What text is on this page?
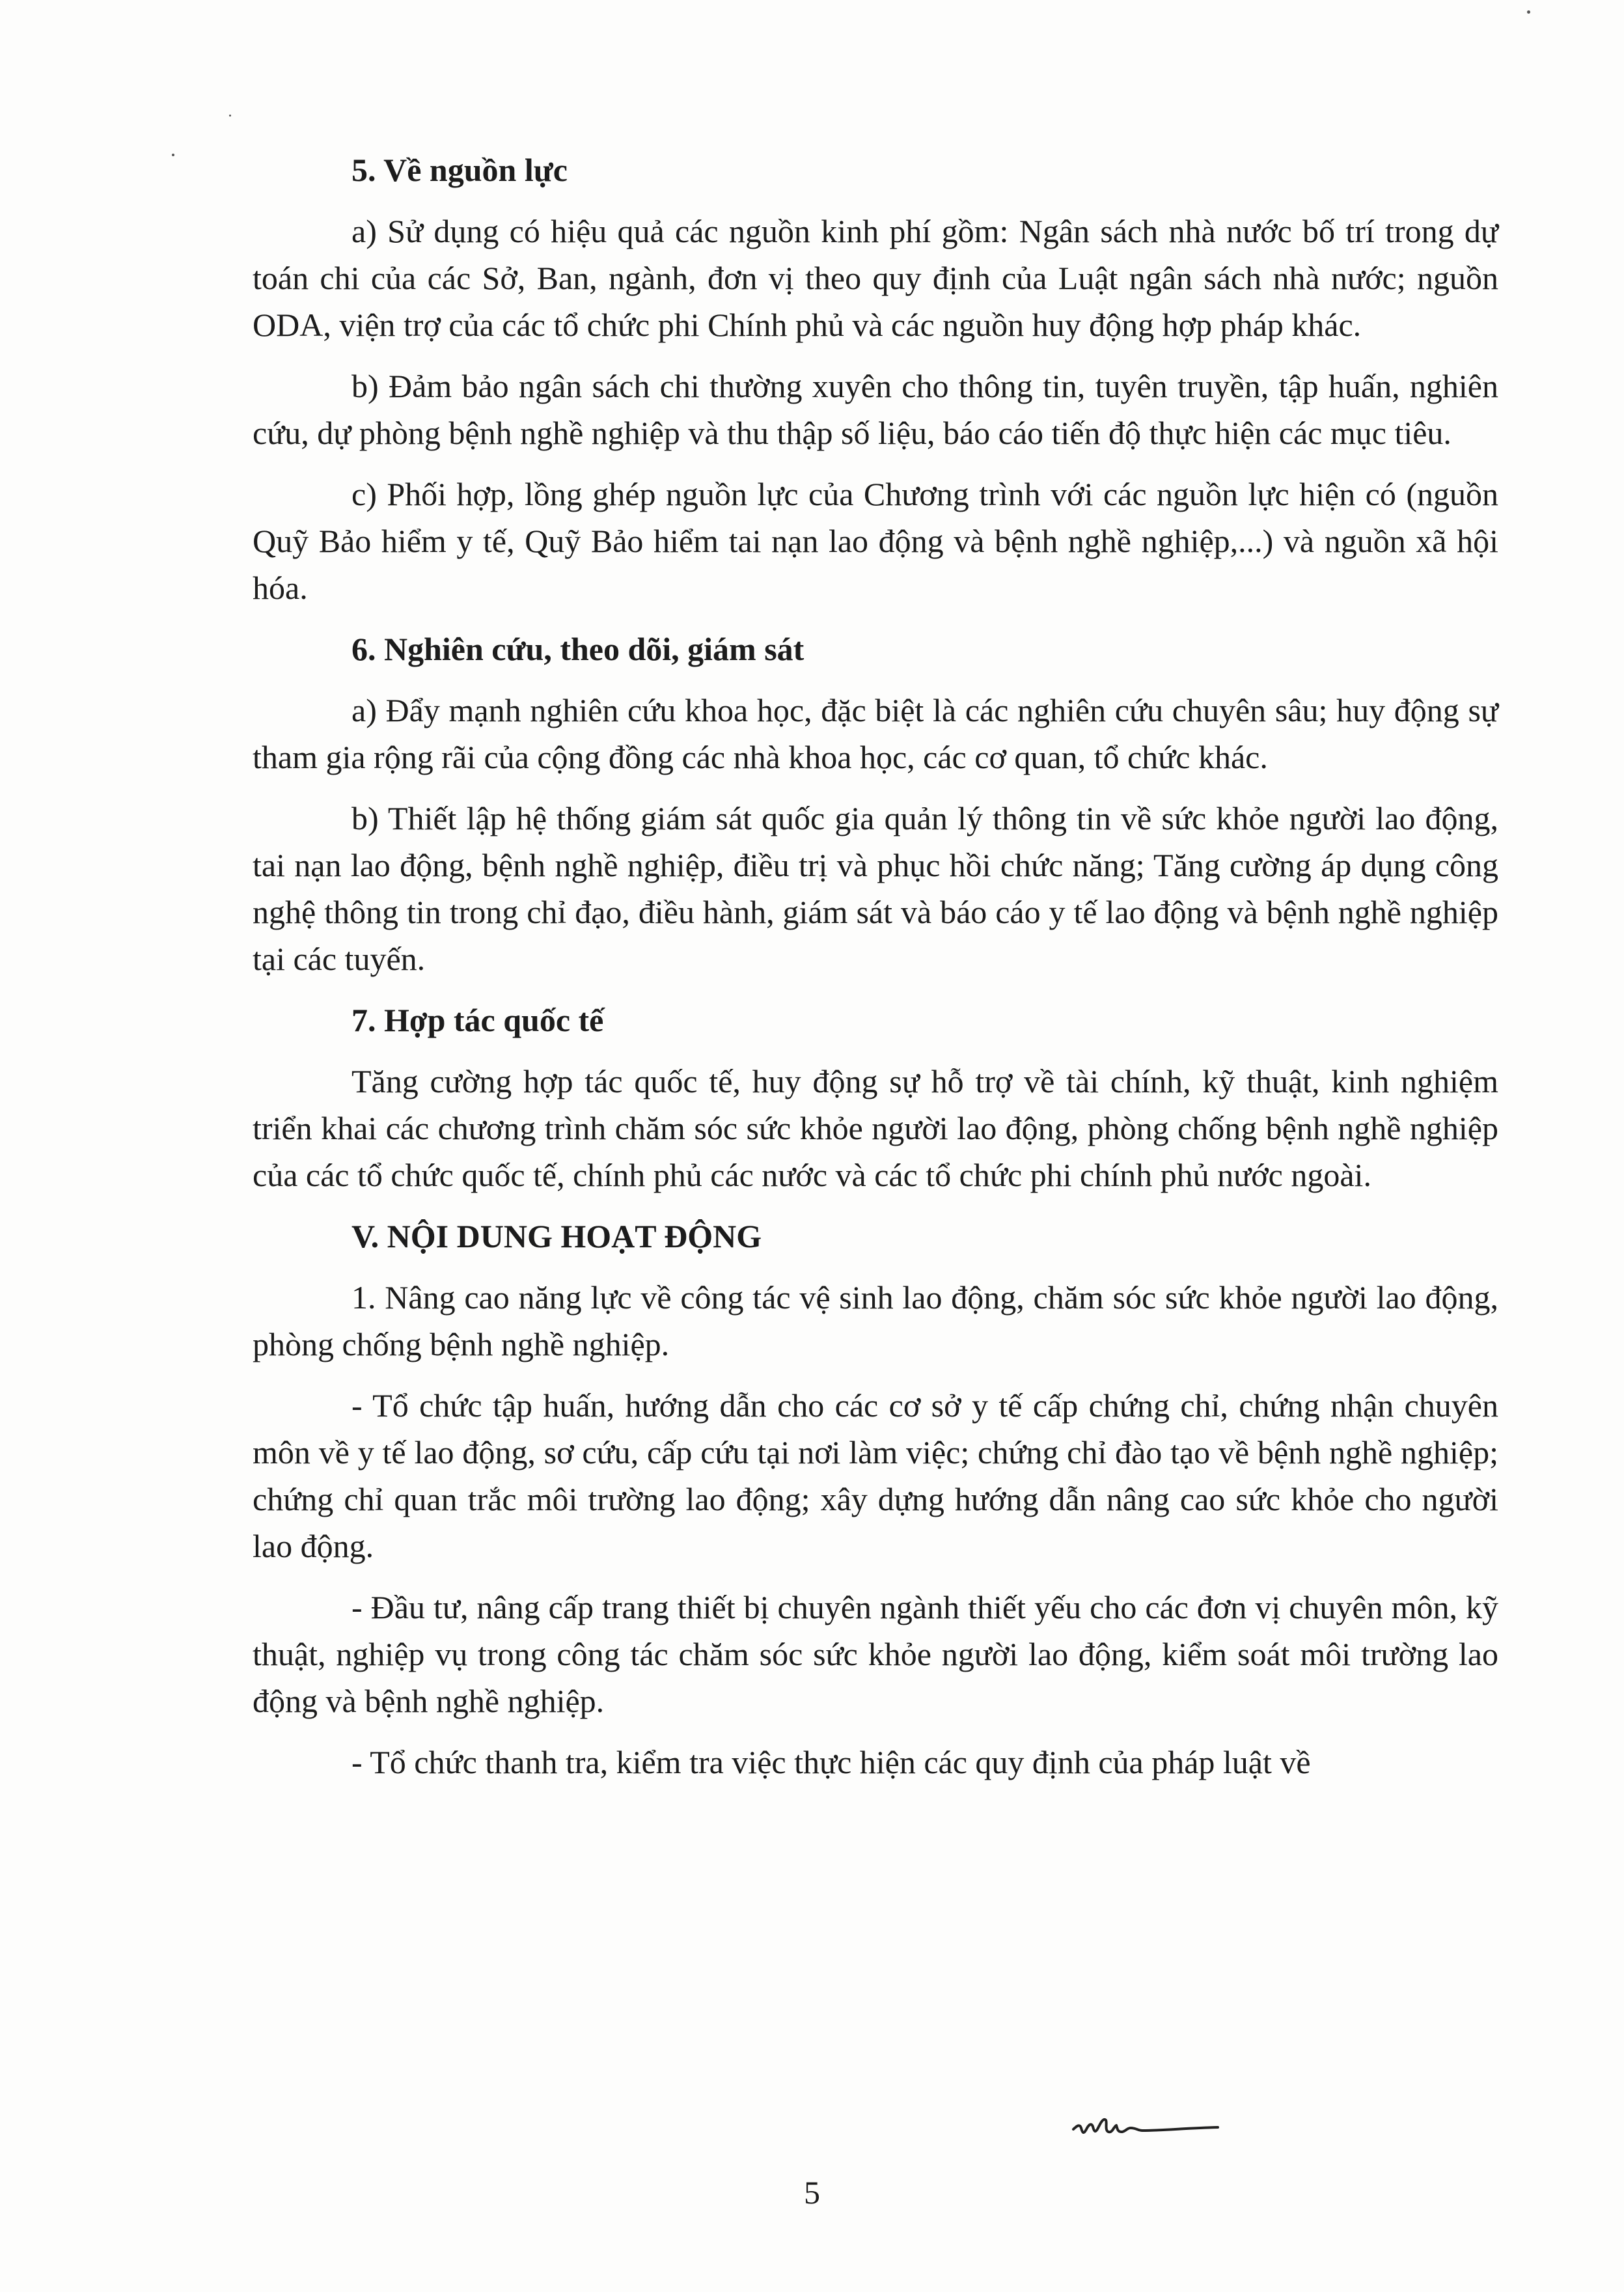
5. Về nguồn lực

a) Sử dụng có hiệu quả các nguồn kinh phí gồm: Ngân sách nhà nước bố trí trong dự toán chi của các Sở, Ban, ngành, đơn vị theo quy định của Luật ngân sách nhà nước; nguồn ODA, viện trợ của các tổ chức phi Chính phủ và các nguồn huy động hợp pháp khác.

b) Đảm bảo ngân sách chi thường xuyên cho thông tin, tuyên truyền, tập huấn, nghiên cứu, dự phòng bệnh nghề nghiệp và thu thập số liệu, báo cáo tiến độ thực hiện các mục tiêu.

c) Phối hợp, lồng ghép nguồn lực của Chương trình với các nguồn lực hiện có (nguồn Quỹ Bảo hiểm y tế, Quỹ Bảo hiểm tai nạn lao động và bệnh nghề nghiệp,...) và nguồn xã hội hóa.

6. Nghiên cứu, theo dõi, giám sát

a) Đẩy mạnh nghiên cứu khoa học, đặc biệt là các nghiên cứu chuyên sâu; huy động sự tham gia rộng rãi của cộng đồng các nhà khoa học, các cơ quan, tổ chức khác.

b) Thiết lập hệ thống giám sát quốc gia quản lý thông tin về sức khỏe người lao động, tai nạn lao động, bệnh nghề nghiệp, điều trị và phục hồi chức năng; Tăng cường áp dụng công nghệ thông tin trong chỉ đạo, điều hành, giám sát và báo cáo y tế lao động và bệnh nghề nghiệp tại các tuyến.

7. Hợp tác quốc tế

Tăng cường hợp tác quốc tế, huy động sự hỗ trợ về tài chính, kỹ thuật, kinh nghiệm triển khai các chương trình chăm sóc sức khỏe người lao động, phòng chống bệnh nghề nghiệp của các tổ chức quốc tế, chính phủ các nước và các tổ chức phi chính phủ nước ngoài.

V. NỘI DUNG HOẠT ĐỘNG

1. Nâng cao năng lực về công tác vệ sinh lao động, chăm sóc sức khỏe người lao động, phòng chống bệnh nghề nghiệp.

- Tổ chức tập huấn, hướng dẫn cho các cơ sở y tế cấp chứng chỉ, chứng nhận chuyên môn về y tế lao động, sơ cứu, cấp cứu tại nơi làm việc; chứng chỉ đào tạo về bệnh nghề nghiệp; chứng chỉ quan trắc môi trường lao động; xây dựng hướng dẫn nâng cao sức khỏe cho người lao động.

- Đầu tư, nâng cấp trang thiết bị chuyên ngành thiết yếu cho các đơn vị chuyên môn, kỹ thuật, nghiệp vụ trong công tác chăm sóc sức khỏe người lao động, kiểm soát môi trường lao động và bệnh nghề nghiệp.

- Tổ chức thanh tra, kiểm tra việc thực hiện các quy định của pháp luật về

5
